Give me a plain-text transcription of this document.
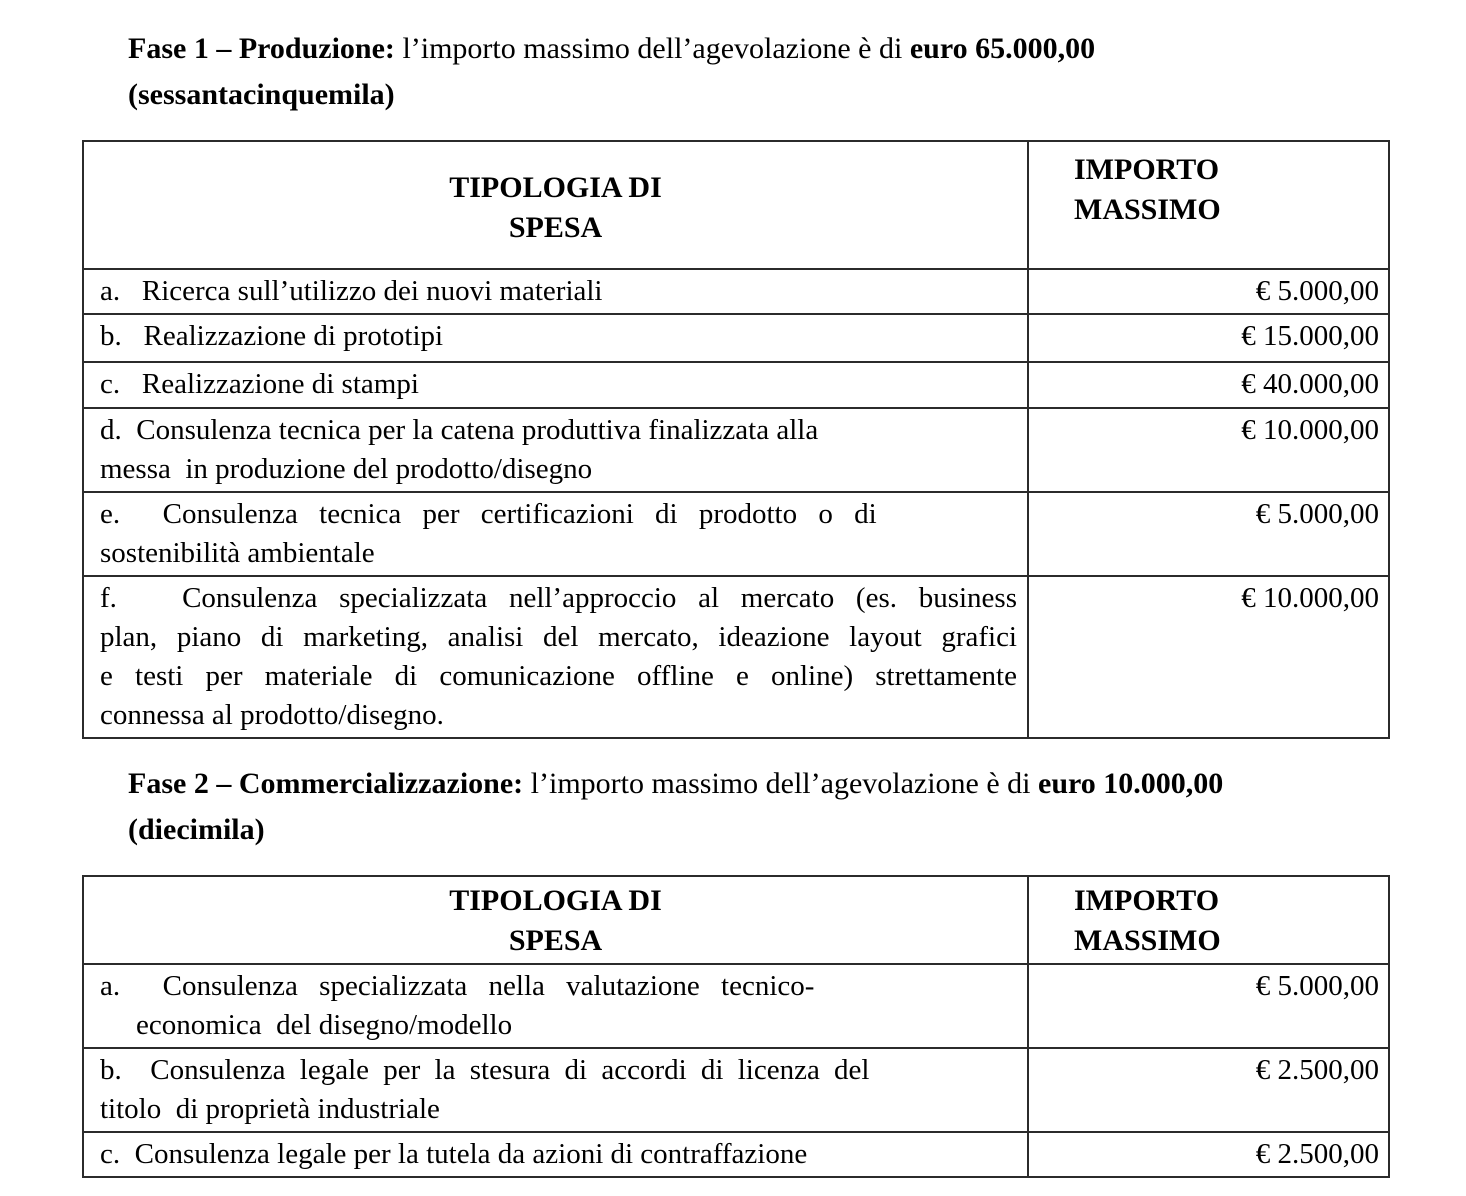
Fase 1 – Produzione: l’importo massimo dell’agevolazione è di euro 65.000,00
(sessantacinquemila)
TIPOLOGIA DI
SPESA	IMPORTO
MASSIMO

a.   Ricerca sull’utilizzo dei nuovi materiali	€ 5.000,00

b.   Realizzazione di prototipi	€ 15.000,00

c.   Realizzazione di stampi	€ 40.000,00

d.  Consulenza tecnica per la catena produttiva finalizzata alla
messa  in produzione del prodotto/disegno	€ 10.000,00

e.  Consulenza tecnica per certificazioni di prodotto o di
sostenibilità ambientale	€ 5.000,00

f.   Consulenza specializzata nell’approccio al mercato (es. business
plan, piano di marketing, analisi del mercato, ideazione layout grafici
e testi per materiale di comunicazione offline e online) strettamente
connessa al prodotto/disegno.	€ 10.000,00
Fase 2 – Commercializzazione: l’importo massimo dell’agevolazione è di euro 10.000,00
(diecimila)
TIPOLOGIA DI
SPESA	IMPORTO
MASSIMO

a.  Consulenza specializzata nella valutazione tecnico-
economica  del disegno/modello	€ 5.000,00

b.  Consulenza legale per la stesura di accordi di licenza del
titolo  di proprietà industriale	€ 2.500,00

c.  Consulenza legale per la tutela da azioni di contraffazione	€ 2.500,00
